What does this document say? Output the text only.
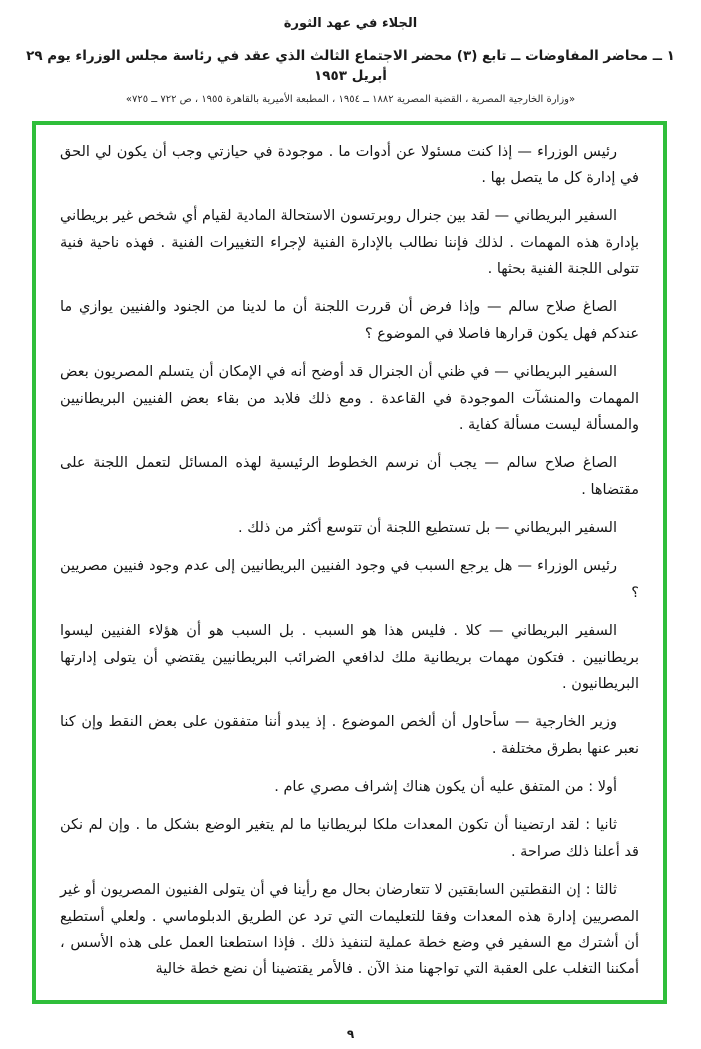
الجلاء في عهد الثورة
١ ــ محاضر المفاوضات ــ تابع (٣) محضر الاجتماع الثالث الذي عقد في رئاسة مجلس الوزراء يوم ٢٩ أبريل ١٩٥٣
«وزارة الخارجية المصرية ، القضية المصرية ١٨٨٢ ــ ١٩٥٤ ، المطبعة الأميرية بالقاهرة ١٩٥٥ ، ص ٧٢٢ ــ ٧٢٥»

رئيس الوزراء — إذا كنت مسئولا عن أدوات ما . موجودة في حيازتي وجب أن يكون لي الحق في إدارة كل ما يتصل بها .

السفير البريطاني — لقد بين جنرال روبرتسون الاستحالة المادية لقيام أي شخص غير بريطاني بإدارة هذه المهمات . لذلك فإننا نطالب بالإدارة الفنية لإجراء التغييرات الفنية . فهذه ناحية فنية تتولى اللجنة الفنية بحثها .

الصاغ صلاح سالم — وإذا فرض أن قررت اللجنة أن ما لدينا من الجنود والفنيين يوازي ما عندكم فهل يكون قرارها فاصلا في الموضوع ؟

السفير البريطاني — في ظني أن الجنرال قد أوضح أنه في الإمكان أن يتسلم المصريون بعض المهمات والمنشآت الموجودة في القاعدة . ومع ذلك فلابد من بقاء بعض الفنيين البريطانيين والمسألة ليست مسألة كفاية .

الصاغ صلاح سالم — يجب أن نرسم الخطوط الرئيسية لهذه المسائل لتعمل اللجنة على مقتضاها .

السفير البريطاني — بل تستطيع اللجنة أن تتوسع أكثر من ذلك .

رئيس الوزراء — هل يرجع السبب في وجود الفنيين البريطانيين إلى عدم وجود فنيين مصريين ؟

السفير البريطاني — كلا . فليس هذا هو السبب . بل السبب هو أن هؤلاء الفنيين ليسوا بريطانيين . فتكون مهمات بريطانية ملك لدافعي الضرائب البريطانيين يقتضي أن يتولى إدارتها البريطانيون .

وزير الخارجية — سأحاول أن ألخص الموضوع . إذ يبدو أننا متفقون على بعض النقط وإن كنا نعبر عنها بطرق مختلفة .

أولا : من المتفق عليه أن يكون هناك إشراف مصري عام .

ثانيا : لقد ارتضينا أن تكون المعدات ملكا لبريطانيا ما لم يتغير الوضع بشكل ما . وإن لم نكن قد أعلنا ذلك صراحة .

ثالثا : إن النقطتين السابقتين لا تتعارضان بحال مع رأينا في أن يتولى الفنيون المصريون أو غير المصريين إدارة هذه المعدات وفقا للتعليمات التي ترد عن الطريق الدبلوماسي . ولعلي أستطيع أن أشترك مع السفير في وضع خطة عملية لتنفيذ ذلك . فإذا استطعنا العمل على هذه الأسس ، أمكننا التغلب على العقبة التي تواجهنا منذ الآن . فالأمر يقتضينا أن نضع خطة خالية

٩
